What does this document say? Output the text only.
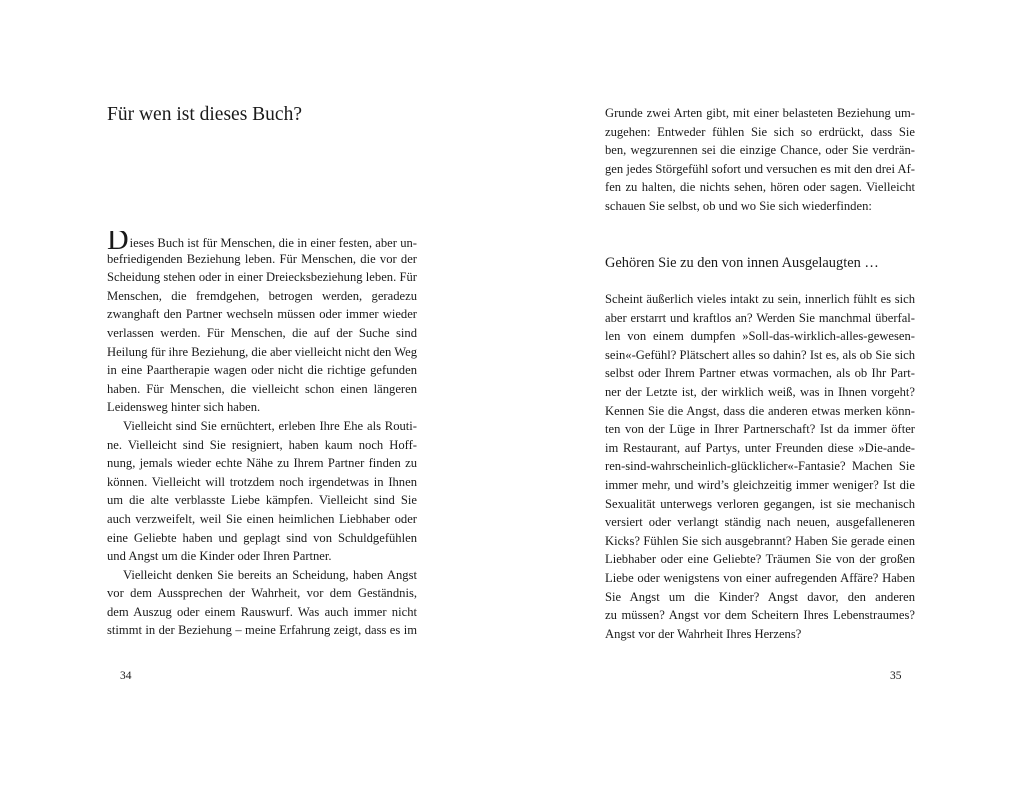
Für wen ist dieses Buch?
Dieses Buch ist für Menschen, die in einer festen, aber un-
befriedigenden Beziehung leben. Für Menschen, die vor der
Scheidung stehen oder in einer Dreiecksbeziehung leben. Für
Menschen, die fremdgehen, betrogen werden, geradezu
zwanghaft den Partner wechseln müssen oder immer wieder
verlassen werden. Für Menschen, die auf der Suche sind
Heilung für ihre Beziehung, die aber vielleicht nicht den Weg
in eine Paartherapie wagen oder nicht die richtige gefunden
haben. Für Menschen, die vielleicht schon einen längeren
Leidensweg hinter sich haben.
Vielleicht sind Sie ernüchtert, erleben Ihre Ehe als Routi-
ne. Vielleicht sind Sie resigniert, haben kaum noch Hoff-
nung, jemals wieder echte Nähe zu Ihrem Partner finden zu
können. Vielleicht will trotzdem noch irgendetwas in Ihnen
um die alte verblasste Liebe kämpfen. Vielleicht sind Sie
auch verzweifelt, weil Sie einen heimlichen Liebhaber oder
eine Geliebte haben und geplagt sind von Schuldgefühlen
und Angst um die Kinder oder Ihren Partner.
Vielleicht denken Sie bereits an Scheidung, haben Angst
vor dem Aussprechen der Wahrheit, vor dem Geständnis,
dem Auszug oder einem Rauswurf. Was auch immer nicht
stimmt in der Beziehung – meine Erfahrung zeigt, dass es im
34
Grunde zwei Arten gibt, mit einer belasteten Beziehung um-
zugehen: Entweder fühlen Sie sich so erdrückt, dass Sie
ben, wegzurennen sei die einzige Chance, oder Sie verdrän-
gen jedes Störgefühl sofort und versuchen es mit den drei Af-
fen zu halten, die nichts sehen, hören oder sagen. Vielleicht
schauen Sie selbst, ob und wo Sie sich wiederfinden:
Gehören Sie zu den von innen Ausgelaugten …
Scheint äußerlich vieles intakt zu sein, innerlich fühlt es sich
aber erstarrt und kraftlos an? Werden Sie manchmal überfal-
len von einem dumpfen »Soll-das-wirklich-alles-gewesen-
sein«-Gefühl? Plätschert alles so dahin? Ist es, als ob Sie sich
selbst oder Ihrem Partner etwas vormachen, als ob Ihr Part-
ner der Letzte ist, der wirklich weiß, was in Ihnen vorgeht?
Kennen Sie die Angst, dass die anderen etwas merken könn-
ten von der Lüge in Ihrer Partnerschaft? Ist da immer öfter
im Restaurant, auf Partys, unter Freunden diese »Die-ande-
ren-sind-wahrscheinlich-glücklicher«-Fantasie? Machen Sie
immer mehr, und wird’s gleichzeitig immer weniger? Ist die
Sexualität unterwegs verloren gegangen, ist sie mechanisch
versiert oder verlangt ständig nach neuen, ausgefalleneren
Kicks? Fühlen Sie sich ausgebrannt? Haben Sie gerade einen
Liebhaber oder eine Geliebte? Träumen Sie von der großen
Liebe oder wenigstens von einer aufregenden Affäre? Haben
Sie Angst um die Kinder? Angst davor, den anderen
zu müssen? Angst vor dem Scheitern Ihres Lebenstraumes?
Angst vor der Wahrheit Ihres Herzens?
35
